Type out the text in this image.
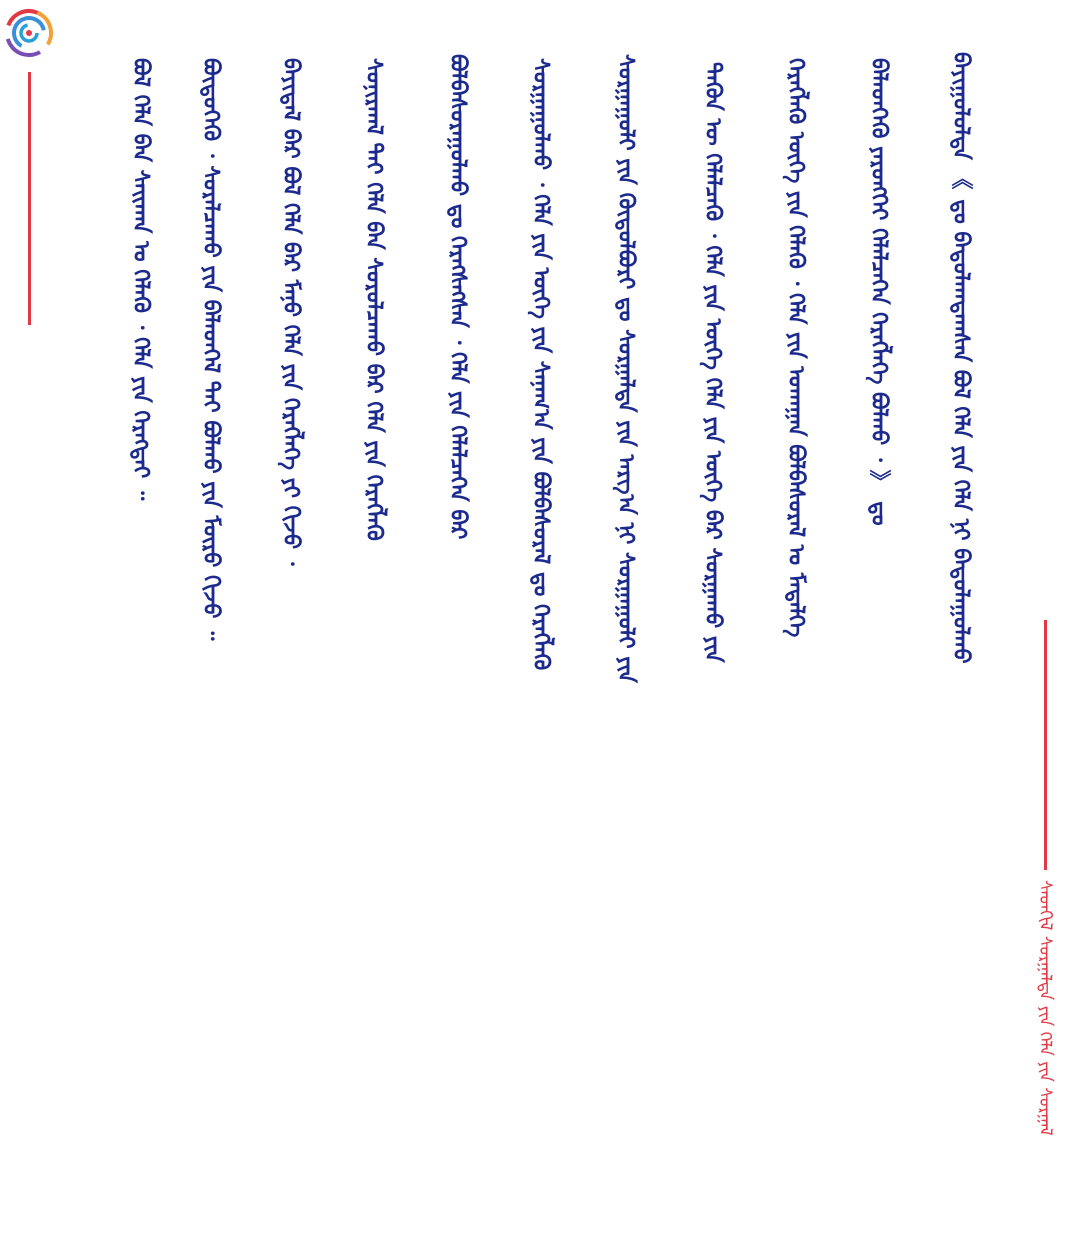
ᠰᠡᠳᠬᠢᠯ ᠰᠤᠷᠭᠠᠯᠲᠠ ᠶᠢᠨ ᠬᠡᠯᠡ ᠶᠢᠨ ᠰᠤᠷᠭᠠᠯ
ᠪᠠᠶᠢᠭᠤᠯᠤᠯᠲᠠ 《 ᠳᠤ ᠪᠠᠲᠤᠯᠠᠭᠳᠠᠭᠰᠠᠨ ᠪᠣᠯ ᠬᠡᠯᠡ ᠶᠢᠨ ᠬᠡᠯᠡ ᠨᠢ ᠪᠠᠲᠤᠯᠠᠭᠤᠯᠬᠤ
ᠪᠡᠯᠡᠳᠬᠡᠬᠦ ᠶᠡᠷᠦᠩᠬᠡᠢ ᠬᠡᠯᠡᠯᠴᠡᠭᠡᠨ ᠬᠡᠷᠡᠭᠯᠡᠭᠡ ᠪᠣᠯᠬᠤ ᠂ 》 ᠳᠤ
ᠬᠡᠷᠡᠭᠯᠡᠬᠦ ᠦᠭᠡ ᠶᠢᠨ ᠬᠡᠯᠡᠬᠦ ᠂ ᠬᠡᠯᠡ ᠶᠢᠨ ᠤᠬᠠᠭᠠᠨ ᠪᠣᠯᠪᠠᠰᠤᠷᠠᠯ ᠤ ᠮᠡᠳᠡᠯᠭᠡ
ᠲᠡᠭᠦᠨ ᠦ ᠬᠡᠯᠡᠯᠴᠡᠬᠦ ᠂ ᠬᠡᠯᠡ ᠶᠢᠨ ᠦᠭᠡ ᠬᠡᠯᠡ ᠶᠢᠨ ᠦᠭᠡ ᠪᠡᠷ ᠰᠤᠷᠭᠠᠬᠤ ᠶᠢᠨ
ᠰᠤᠷᠭᠠᠭᠤᠯᠢ ᠶᠢᠨ ᠬᠥᠲᠦᠯᠪᠦᠷᠢ ᠳᠤ ᠰᠤᠷᠭᠠᠯᠲᠠ ᠶᠢᠨ ᠠᠷᠭ᠎ᠠ ᠨᠢ ᠰᠤᠷᠭᠠᠭᠤᠯᠢ ᠶᠢᠨ
ᠰᠤᠷᠭᠠᠭᠤᠯᠬᠤ ᠂ ᠬᠡᠯᠡ ᠶᠢᠨ ᠦᠭᠡ ᠶᠢᠨ ᠰᠠᠨᠠᠭ᠎ᠠ ᠶᠢᠨ ᠪᠣᠯᠪᠠᠰᠤᠷᠠᠯ ᠳᠤ ᠬᠡᠷᠡᠭᠯᠡᠬᠦ
ᠪᠣᠯᠪᠠᠰᠤᠷᠠᠭᠤᠯᠬᠤ ᠳᠤ ᠬᠡᠷᠡᠭᠰᠡᠭᠰᠡᠨ ᠂ ᠬᠡᠯᠡ ᠶᠢᠨ ᠬᠡᠯᠡᠯᠴᠡᠭᠡᠨ ᠪᠡᠷ
ᠰᠣᠨᠢᠷᠬᠠᠯ ᠲᠠᠶ ᠬᠡᠯᠡ ᠪᠠᠨ ᠰᠤᠷᠤᠯᠴᠠᠬᠤ ᠪᠡᠷ ᠬᠡᠯᠡ ᠶᠢᠨ ᠬᠡᠷᠡᠭᠯᠡᠬᠦ
ᠪᠠᠶᠢᠳᠠᠯ ᠪᠡᠷ ᠪᠣᠯ ᠬᠡᠯᠡ ᠪᠡᠷ ᠮᠠᠨᠤ ᠬᠡᠯᠡ ᠶᠢᠨ ᠬᠡᠷᠡᠭᠯᠡᠭᠡ ᠶᠢ ᠬᠢᠵᠦ ᠂
ᠪᠦᠲᠦᠭᠡᠬᠦ ᠂ ᠰᠤᠷᠠᠯᠴᠠᠬᠤ ᠶᠢᠨ ᠪᠡᠯᠡᠳᠬᠡᠯ ᠲᠡᠢ ᠪᠣᠯᠬᠤ ᠶᠢᠨ ᠮᠥᠷᠥ ᠬᠢᠵᠦ ᠃
ᠪᠣᠯ ᠬᠡᠯᠡ ᠪᠠᠨ ᠰᠠᠢᠬᠠᠨ ᠤ ᠬᠡᠯᠡᠬᠦ ᠂ ᠬᠡᠯᠡ ᠶᠢᠨ ᠬᠡᠷᠡᠭᠲᠡᠢ ᠃
